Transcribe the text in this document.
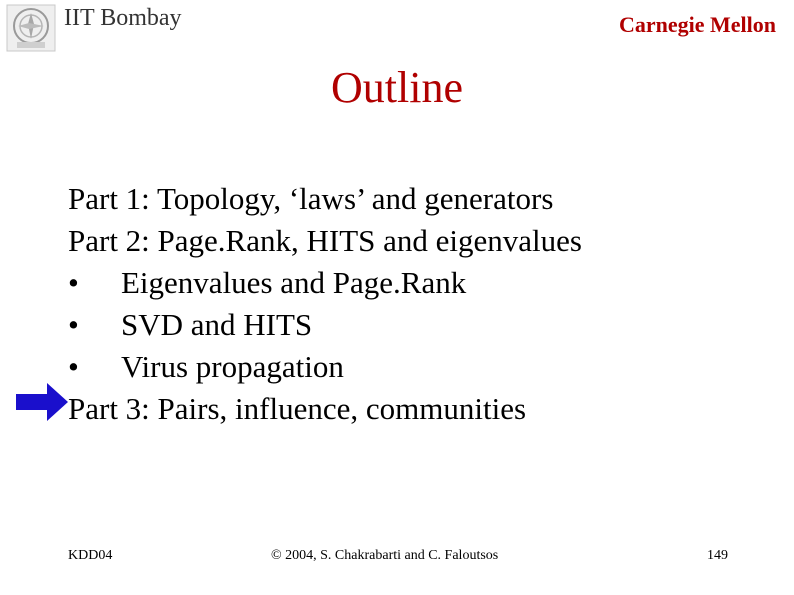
IIT Bombay	Carnegie Mellon
Outline
Part 1: Topology, ‘laws’ and generators
Part 2: Page.Rank, HITS and eigenvalues
• Eigenvalues and Page.Rank
• SVD and HITS
• Virus propagation
Part 3: Pairs, influence, communities
KDD04	© 2004, S. Chakrabarti and C. Faloutsos	149
